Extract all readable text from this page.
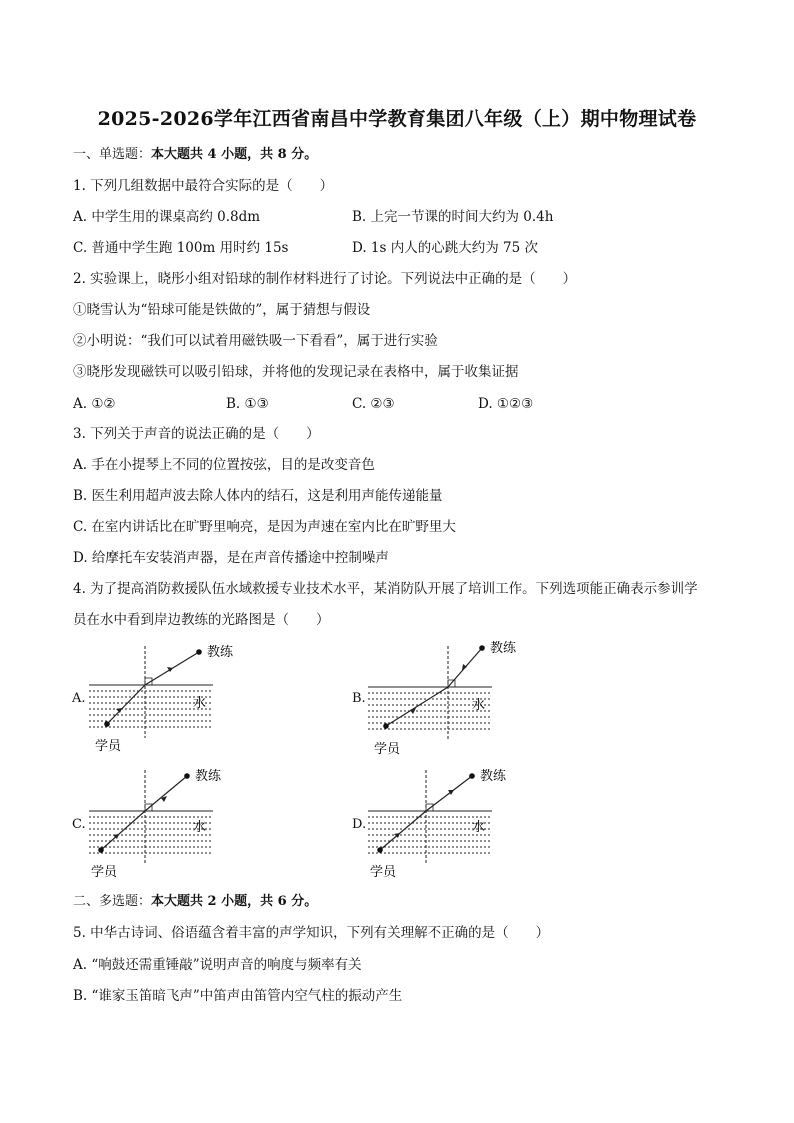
2025-2026学年江西省南昌中学教育集团八年级（上）期中物理试卷
一、单选题：本大题共 4 小题，共 8 分。
1. 下列几组数据中最符合实际的是（　　）
A. 中学生用的课桌高约 0.8dm	B. 上完一节课的时间大约为 0.4h
C. 普通中学生跑 100m 用时约 15s	D. 1s 内人的心跳大约为 75 次
2. 实验课上，晓彤小组对铅球的制作材料进行了讨论。下列说法中正确的是（　　）
①晓雪认为“铅球可能是铁做的”，属于猜想与假设
②小明说：“我们可以试着用磁铁吸一下看看”，属于进行实验
③晓彤发现磁铁可以吸引铅球，并将他的发现记录在表格中，属于收集证据
A. ①②	B. ①③	C. ②③	D. ①②③
3. 下列关于声音的说法正确的是（　　）
A. 手在小提琴上不同的位置按弦，目的是改变音色
B. 医生利用超声波去除人体内的结石，这是利用声能传递能量
C. 在室内讲话比在旷野里响亮，是因为声速在室内比在旷野里大
D. 给摩托车安装消声器，是在声音传播途中控制噪声
4. 为了提高消防救援队伍水域救援专业技术水平，某消防队开展了培训工作。下列选项能正确表示参训学
员在水中看到岸边教练的光路图是（　　）
A.
教练
水
学员
B.
教练
水
学员
C.
教练
水
学员
D.
教练
水
学员
二、多选题：本大题共 2 小题，共 6 分。
5. 中华古诗词、俗语蕴含着丰富的声学知识，下列有关理解不正确的是（　　）
A. “响鼓还需重锤敲”说明声音的响度与频率有关
B. “谁家玉笛暗飞声”中笛声由笛管内空气柱的振动产生
